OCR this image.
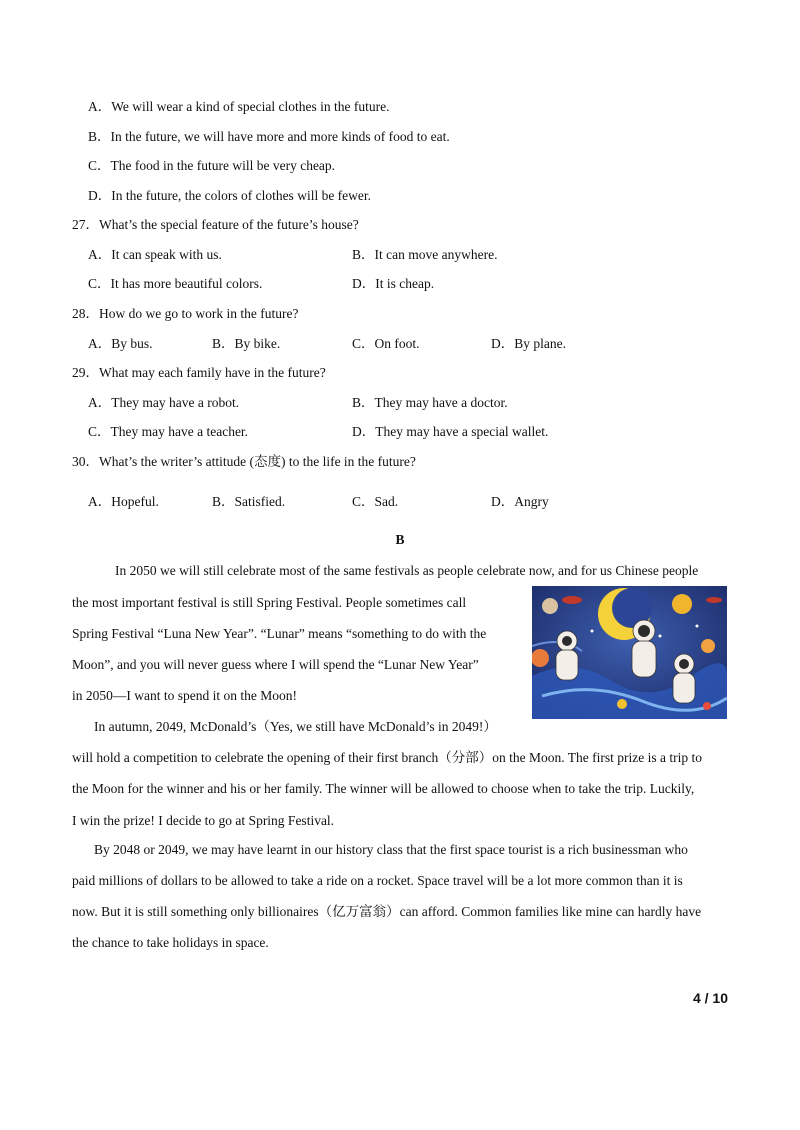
A．We will wear a kind of special clothes in the future.
B．In the future, we will have more and more kinds of food to eat.
C．The food in the future will be very cheap.
D．In the future, the colors of clothes will be fewer.
27．What’s the special feature of the future’s house?
A．It can speak with us.	B．It can move anywhere.
C．It has more beautiful colors.	D．It is cheap.
28．How do we go to work in the future?
A．By bus.	B．By bike.	C．On foot.	D．By plane.
29．What may each family have in the future?
A．They may have a robot.	B．They may have a doctor.
C．They may have a teacher.	D．They may have a special wallet.
30．What’s the writer’s attitude (态度) to the life in the future?
A．Hopeful.	B．Satisfied.	C．Sad.	D．Angry
B
In 2050 we will still celebrate most of the same festivals as people celebrate now, and for us Chinese people
the most important festival is still Spring Festival. People sometimes call
Spring Festival “Luna New Year”. “Lunar” means “something to do with the
Moon”, and you will never guess where I will spend the “Lunar New Year”
in 2050—I want to spend it on the Moon!
In autumn, 2049, McDonald’s（Yes, we still have McDonald’s in 2049!）
will hold a competition to celebrate the opening of their first branch（分部）on the Moon. The first prize is a trip to
the Moon for the winner and his or her family. The winner will be allowed to choose when to take the trip. Luckily,
I win the prize! I decide to go at Spring Festival.
By 2048 or 2049, we may have learnt in our history class that the first space tourist is a rich businessman who
paid millions of dollars to be allowed to take a ride on a rocket. Space travel will be a lot more common than it is
now. But it is still something only billionaires（亿万富翁）can afford. Common families like mine can hardly have
the chance to take holidays in space.
4 / 10
